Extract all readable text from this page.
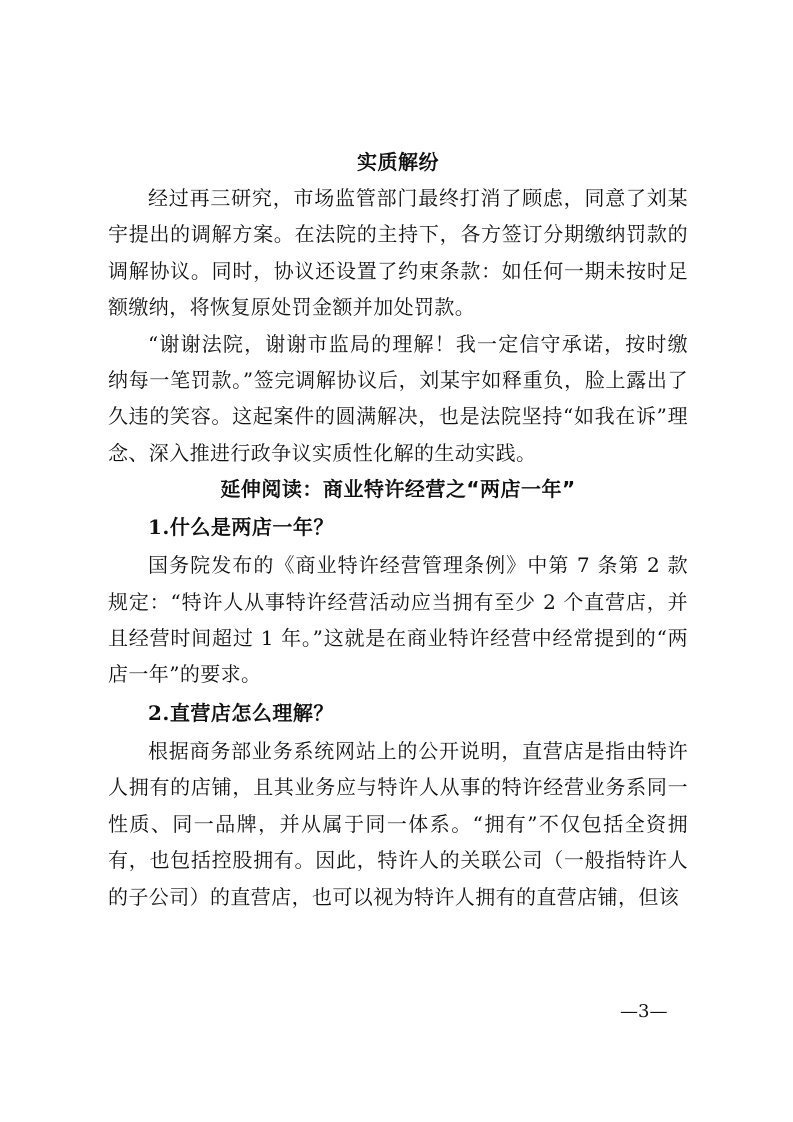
实质解纷

经过再三研究，市场监管部门最终打消了顾虑，同意了刘某宇提出的调解方案。在法院的主持下，各方签订分期缴纳罚款的调解协议。同时，协议还设置了约束条款：如任何一期未按时足额缴纳，将恢复原处罚金额并加处罚款。

“谢谢法院，谢谢市监局的理解！我一定信守承诺，按时缴纳每一笔罚款。”签完调解协议后，刘某宇如释重负，脸上露出了久违的笑容。这起案件的圆满解决，也是法院坚持“如我在诉”理念、深入推进行政争议实质性化解的生动实践。

延伸阅读：商业特许经营之“两店一年”

1.什么是两店一年？

国务院发布的《商业特许经营管理条例》中第 7 条第 2 款规定：“特许人从事特许经营活动应当拥有至少 2 个直营店，并且经营时间超过 1 年。”这就是在商业特许经营中经常提到的“两店一年”的要求。

2.直营店怎么理解？

根据商务部业务系统网站上的公开说明，直营店是指由特许人拥有的店铺，且其业务应与特许人从事的特许经营业务系同一性质、同一品牌，并从属于同一体系。“拥有”不仅包括全资拥有，也包括控股拥有。因此，特许人的关联公司（一般指特许人的子公司）的直营店，也可以视为特许人拥有的直营店铺，但该

—3—
